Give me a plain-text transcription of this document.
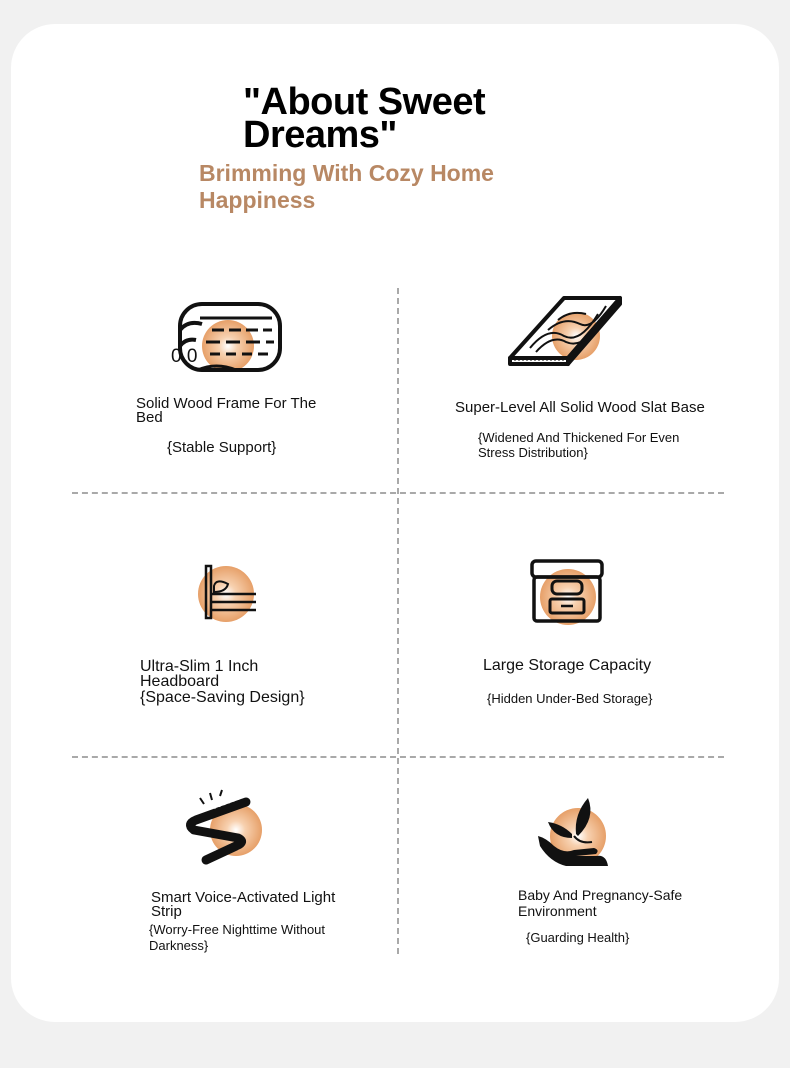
"About Sweet Dreams"
Brimming With Cozy Home Happiness
0.0

Solid Wood Frame For The Bed

{Stable Support}

Super-Level All Solid Wood Slat Base

{Widened And Thickened For Even Stress Distribution}

Ultra-Slim 1 Inch Headboard

{Space-Saving Design}

Large Storage Capacity

{Hidden Under-Bed Storage}

Smart Voice-Activated Light Strip

{Worry-Free Nighttime Without Darkness}

Baby And Pregnancy-Safe Environment

{Guarding Health}
